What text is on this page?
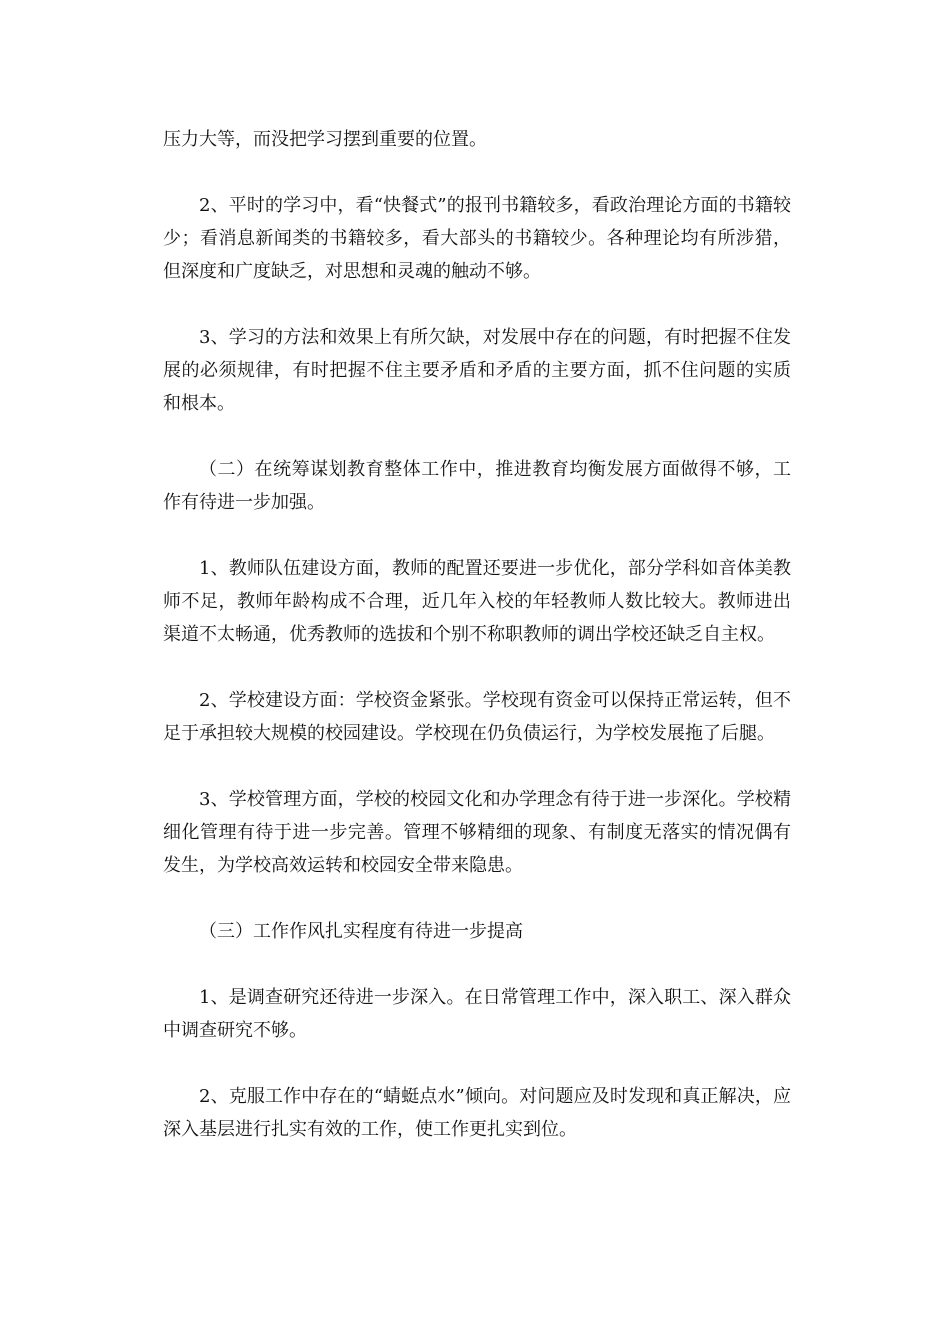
压力大等，而没把学习摆到重要的位置。

2、平时的学习中，看“快餐式”的报刊书籍较多，看政治理论方面的书籍较少；看消息新闻类的书籍较多，看大部头的书籍较少。各种理论均有所涉猎，但深度和广度缺乏，对思想和灵魂的触动不够。

3、学习的方法和效果上有所欠缺，对发展中存在的问题，有时把握不住发展的必须规律，有时把握不住主要矛盾和矛盾的主要方面，抓不住问题的实质和根本。

（二）在统筹谋划教育整体工作中，推进教育均衡发展方面做得不够，工作有待进一步加强。

1、教师队伍建设方面，教师的配置还要进一步优化，部分学科如音体美教师不足，教师年龄构成不合理，近几年入校的年轻教师人数比较大。教师进出渠道不太畅通，优秀教师的选拔和个别不称职教师的调出学校还缺乏自主权。

2、学校建设方面：学校资金紧张。学校现有资金可以保持正常运转，但不足于承担较大规模的校园建设。学校现在仍负债运行，为学校发展拖了后腿。

3、学校管理方面，学校的校园文化和办学理念有待于进一步深化。学校精细化管理有待于进一步完善。管理不够精细的现象、有制度无落实的情况偶有发生，为学校高效运转和校园安全带来隐患。

（三）工作作风扎实程度有待进一步提高

1、是调查研究还待进一步深入。在日常管理工作中，深入职工、深入群众中调查研究不够。

2、克服工作中存在的“蜻蜓点水”倾向。对问题应及时发现和真正解决，应深入基层进行扎实有效的工作，使工作更扎实到位。
